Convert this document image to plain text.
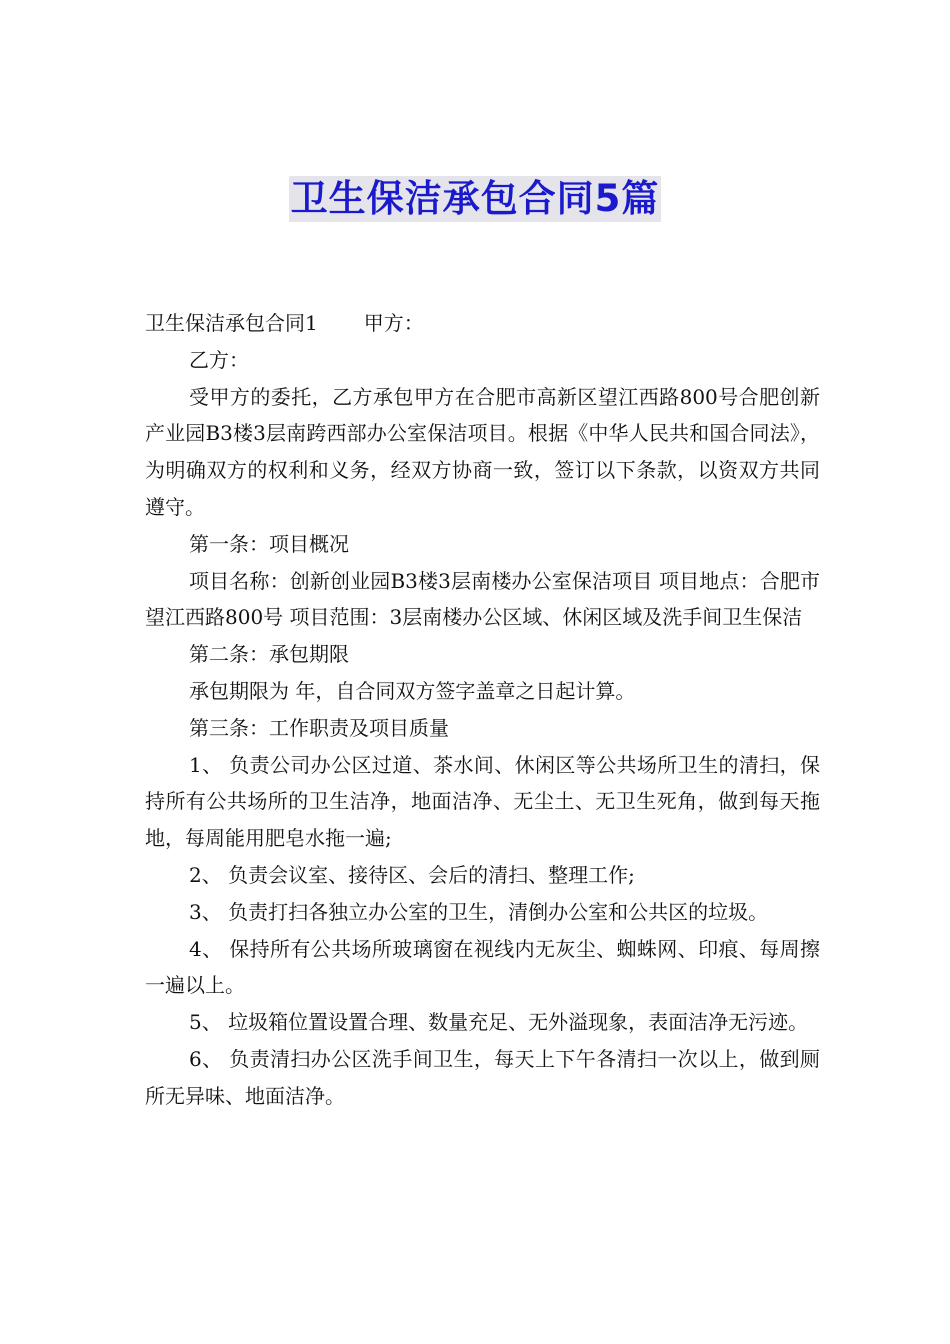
卫生保洁承包合同5篇

卫生保洁承包合同1 甲方：

乙方：

受甲方的委托，乙方承包甲方在合肥市高新区望江西路800号合肥创新产业园B3楼3层南跨西部办公室保洁项目。根据《中华人民共和国合同法》，为明确双方的权利和义务，经双方协商一致，签订以下条款，以资双方共同遵守。

第一条：项目概况

项目名称：创新创业园B3楼3层南楼办公室保洁项目 项目地点：合肥市望江西路800号 项目范围：3层南楼办公区域、休闲区域及洗手间卫生保洁

第二条：承包期限

承包期限为 年，自合同双方签字盖章之日起计算。

第三条：工作职责及项目质量

1、 负责公司办公区过道、茶水间、休闲区等公共场所卫生的清扫，保持所有公共场所的卫生洁净，地面洁净、无尘土、无卫生死角，做到每天拖地，每周能用肥皂水拖一遍;

2、 负责会议室、接待区、会后的清扫、整理工作;

3、 负责打扫各独立办公室的卫生，清倒办公室和公共区的垃圾。

4、 保持所有公共场所玻璃窗在视线内无灰尘、蜘蛛网、印痕、每周擦一遍以上。

5、 垃圾箱位置设置合理、数量充足、无外溢现象，表面洁净无污迹。

6、 负责清扫办公区洗手间卫生，每天上下午各清扫一次以上，做到厕所无异味、地面洁净。
